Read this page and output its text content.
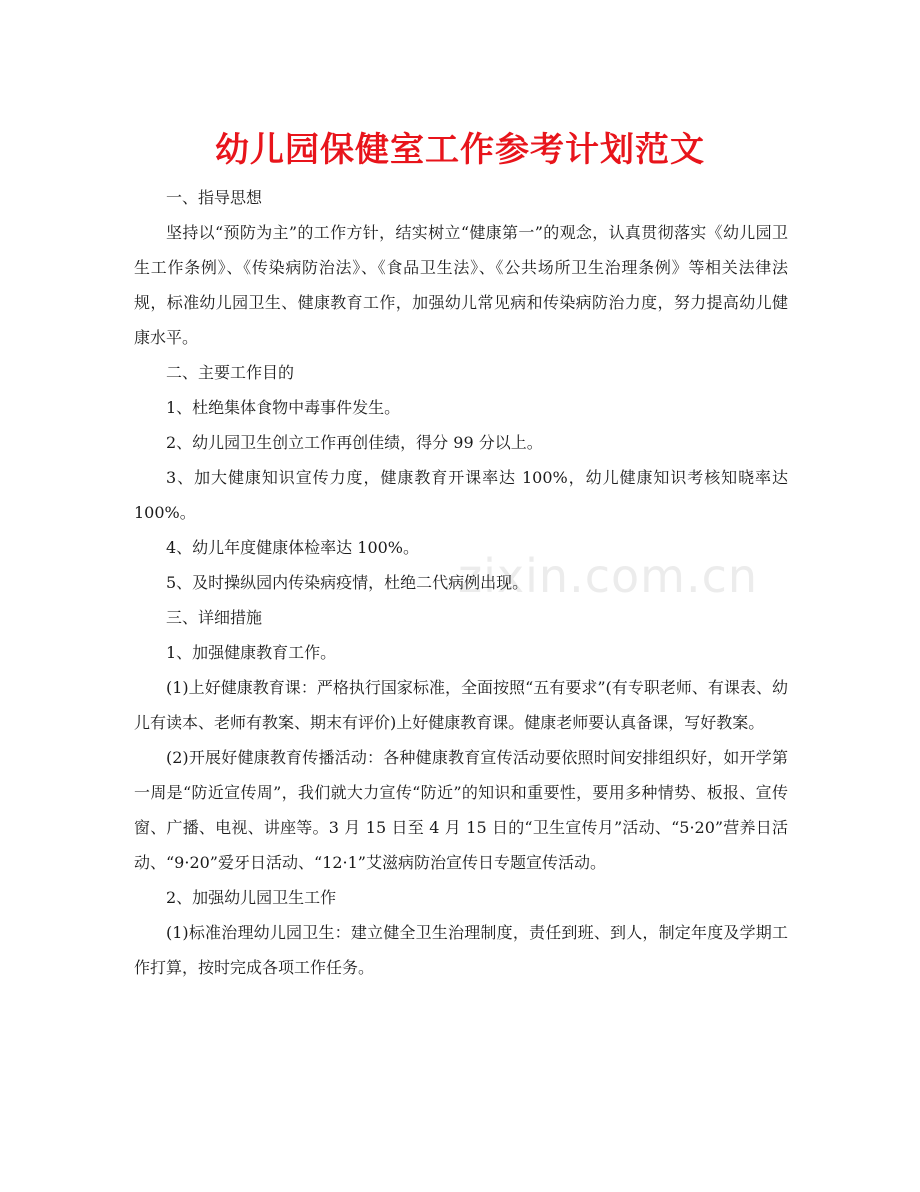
幼儿园保健室工作参考计划范文
zixin.com.cn

一、指导思想

坚持以“预防为主”的工作方针，结实树立“健康第一”的观念，认真贯彻落实《幼儿园卫生工作条例》、《传染病防治法》、《食品卫生法》、《公共场所卫生治理条例》等相关法律法规，标准幼儿园卫生、健康教育工作，加强幼儿常见病和传染病防治力度，努力提高幼儿健康水平。

二、主要工作目的

1、杜绝集体食物中毒事件发生。

2、幼儿园卫生创立工作再创佳绩，得分 99 分以上。

3、加大健康知识宣传力度，健康教育开课率达 100%，幼儿健康知识考核知晓率达 100%。

4、幼儿年度健康体检率达 100%。

5、及时操纵园内传染病疫情，杜绝二代病例出现。

三、详细措施

1、加强健康教育工作。

(1)上好健康教育课：严格执行国家标准，全面按照“五有要求”(有专职老师、有课表、幼儿有读本、老师有教案、期末有评价)上好健康教育课。健康老师要认真备课，写好教案。

(2)开展好健康教育传播活动：各种健康教育宣传活动要依照时间安排组织好，如开学第一周是“防近宣传周”，我们就大力宣传“防近”的知识和重要性，要用多种情势、板报、宣传窗、广播、电视、讲座等。3 月 15 日至 4 月 15 日的“卫生宣传月”活动、“5·20”营养日活动、“9·20”爱牙日活动、“12·1”艾滋病防治宣传日专题宣传活动。

2、加强幼儿园卫生工作

(1)标准治理幼儿园卫生：建立健全卫生治理制度，责任到班、到人，制定年度及学期工作打算，按时完成各项工作任务。
